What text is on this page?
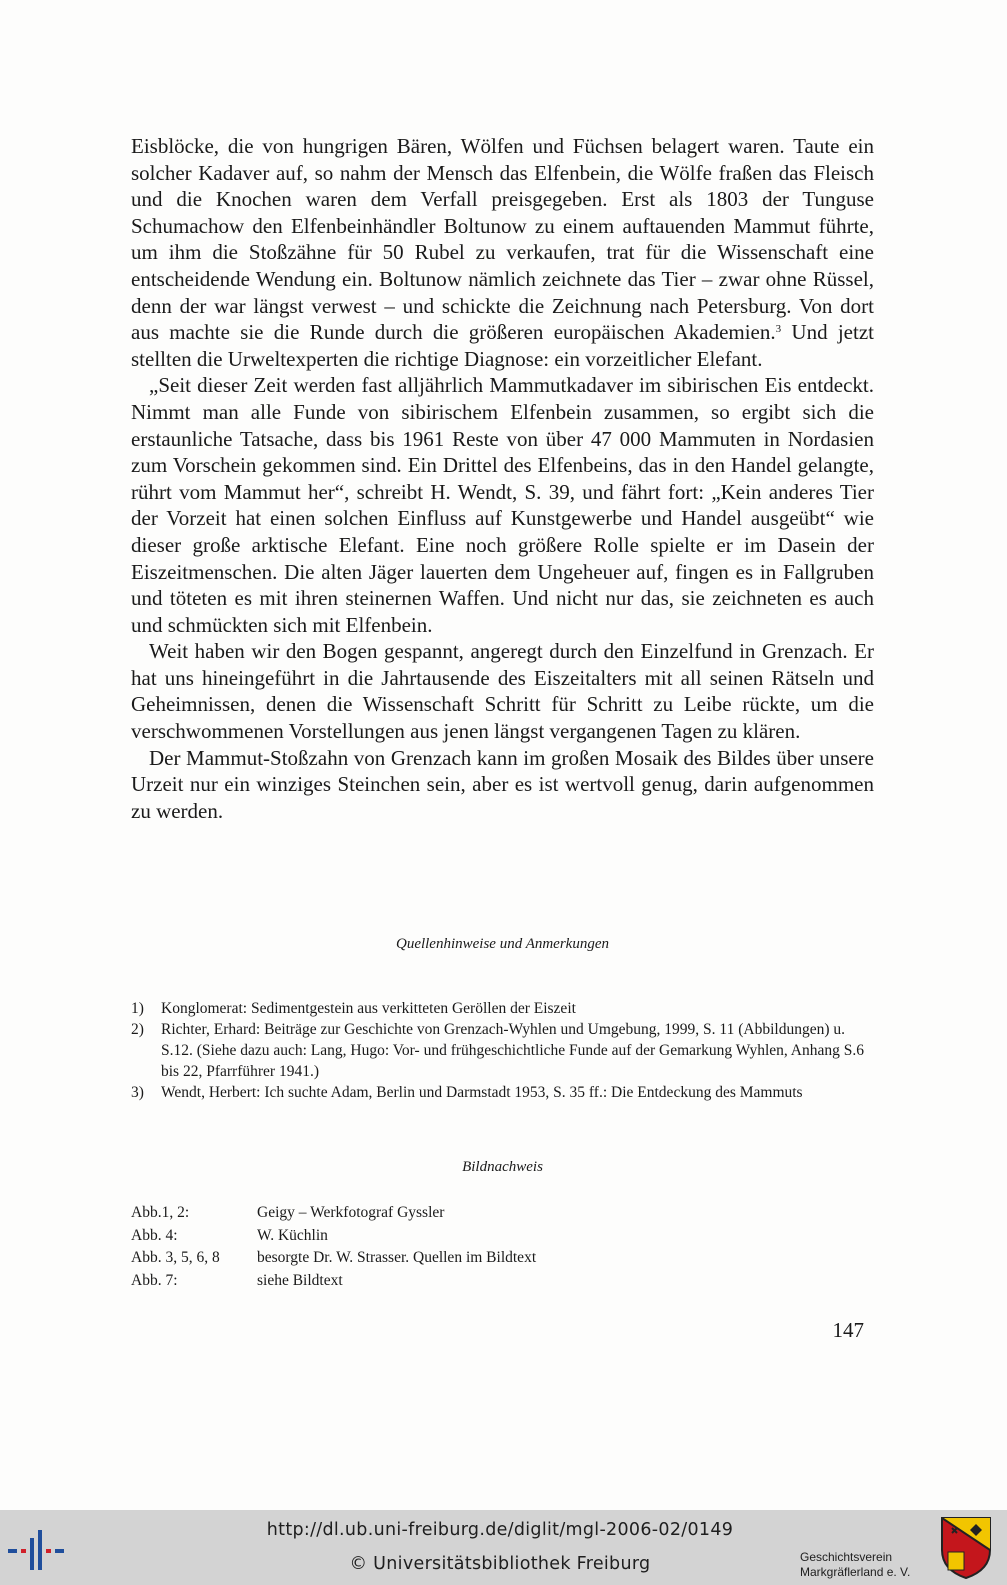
Eisblöcke, die von hungrigen Bären, Wölfen und Füchsen belagert waren. Taute ein solcher Kadaver auf, so nahm der Mensch das Elfenbein, die Wölfe fraßen das Fleisch und die Knochen waren dem Verfall preisgegeben. Erst als 1803 der Tunguse Schumachow den Elfenbeinhändler Boltunow zu einem auftauenden Mammut führte, um ihm die Stoßzähne für 50 Rubel zu verkaufen, trat für die Wissenschaft eine entscheidende Wendung ein. Boltunow nämlich zeichnete das Tier – zwar ohne Rüssel, denn der war längst verwest – und schickte die Zeichnung nach Petersburg. Von dort aus machte sie die Runde durch die größeren europäischen Akademien.$^3$ Und jetzt stellten die Urweltexperten die richtige Diagnose: ein vorzeitlicher Elefant.

„Seit dieser Zeit werden fast alljährlich Mammutkadaver im sibirischen Eis entdeckt. Nimmt man alle Funde von sibirischem Elfenbein zusammen, so ergibt sich die erstaunliche Tatsache, dass bis 1961 Reste von über 47 000 Mammuten in Nordasien zum Vorschein gekommen sind. Ein Drittel des Elfenbeins, das in den Handel gelangte, rührt vom Mammut her“, schreibt H. Wendt, S. 39, und fährt fort: „Kein anderes Tier der Vorzeit hat einen solchen Einfluss auf Kunstgewerbe und Handel ausgeübt“ wie dieser große arktische Elefant. Eine noch größere Rolle spielte er im Dasein der Eiszeitmenschen. Die alten Jäger lauerten dem Ungeheuer auf, fingen es in Fallgruben und töteten es mit ihren steinernen Waffen. Und nicht nur das, sie zeichneten es auch und schmückten sich mit Elfenbein.

Weit haben wir den Bogen gespannt, angeregt durch den Einzelfund in Grenzach. Er hat uns hineingeführt in die Jahrtausende des Eiszeitalters mit all seinen Rätseln und Geheimnissen, denen die Wissenschaft Schritt für Schritt zu Leibe rückte, um die verschwommenen Vorstellungen aus jenen längst vergangenen Tagen zu klären.

Der Mammut-Stoßzahn von Grenzach kann im großen Mosaik des Bildes über unsere Urzeit nur ein winziges Steinchen sein, aber es ist wertvoll genug, darin aufgenommen zu werden.

Quellenhinweise und Anmerkungen
1)	Konglomerat: Sedimentgestein aus verkitteten Geröllen der Eiszeit
2)	Richter, Erhard: Beiträge zur Geschichte von Grenzach-Wyhlen und Umgebung, 1999, S. 11 (Abbildungen) u. S.12. (Siehe dazu auch: Lang, Hugo: Vor- und frühgeschichtliche Funde auf der Gemarkung Wyhlen, Anhang S.6 bis 22, Pfarrführer 1941.)
3)	Wendt, Herbert: Ich suchte Adam, Berlin und Darmstadt 1953, S. 35 ff.: Die Entdeckung des Mammuts
Bildnachweis
Abb.1, 2:	Geigy – Werkfotograf Gyssler
Abb. 4:	W. Küchlin
Abb. 3, 5, 6, 8	besorgte Dr. W. Strasser. Quellen im Bildtext
Abb. 7:	siehe Bildtext
147
http://dl.ub.uni-freiburg.de/diglit/mgl-2006-02/0149
© Universitätsbibliothek Freiburg	Geschichtsverein
Markgräflerland e. V.
